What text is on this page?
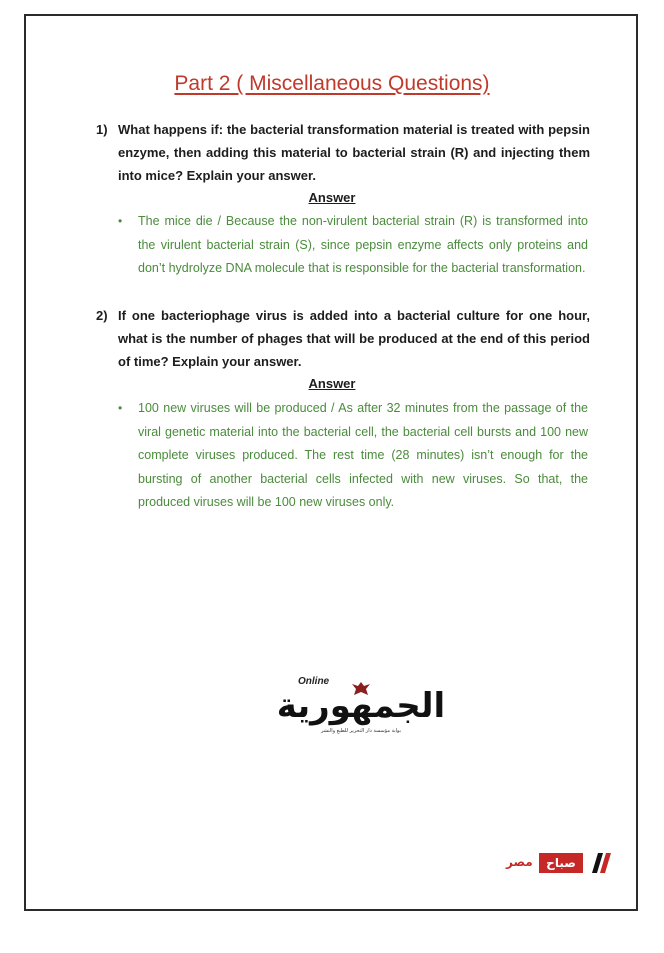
Part 2 ( Miscellaneous Questions)
1) What happens if: the bacterial transformation material is treated with pepsin enzyme, then adding this material to bacterial strain (R) and injecting them into mice? Explain your answer.
Answer
•	The mice die / Because the non-virulent bacterial strain (R) is transformed into the virulent bacterial strain (S), since pepsin enzyme affects only proteins and don’t hydrolyze DNA molecule that is responsible for the bacterial transformation.
2) If one bacteriophage virus is added into a bacterial culture for one hour, what is the number of phages that will be produced at the end of this period of time? Explain your answer.
Answer
•	100 new viruses will be produced / As after 32 minutes from the passage of the viral genetic material into the bacterial cell, the bacterial cell bursts and 100 new complete viruses produced. The rest time (28 minutes) isn’t enough for the bursting of another bacterial cells infected with new viruses. So that, the produced viruses will be 100 new viruses only.
Online
الجمهورية
بوابة مؤسسة دار التحرير للطبع والنشر
مصر	صباح
